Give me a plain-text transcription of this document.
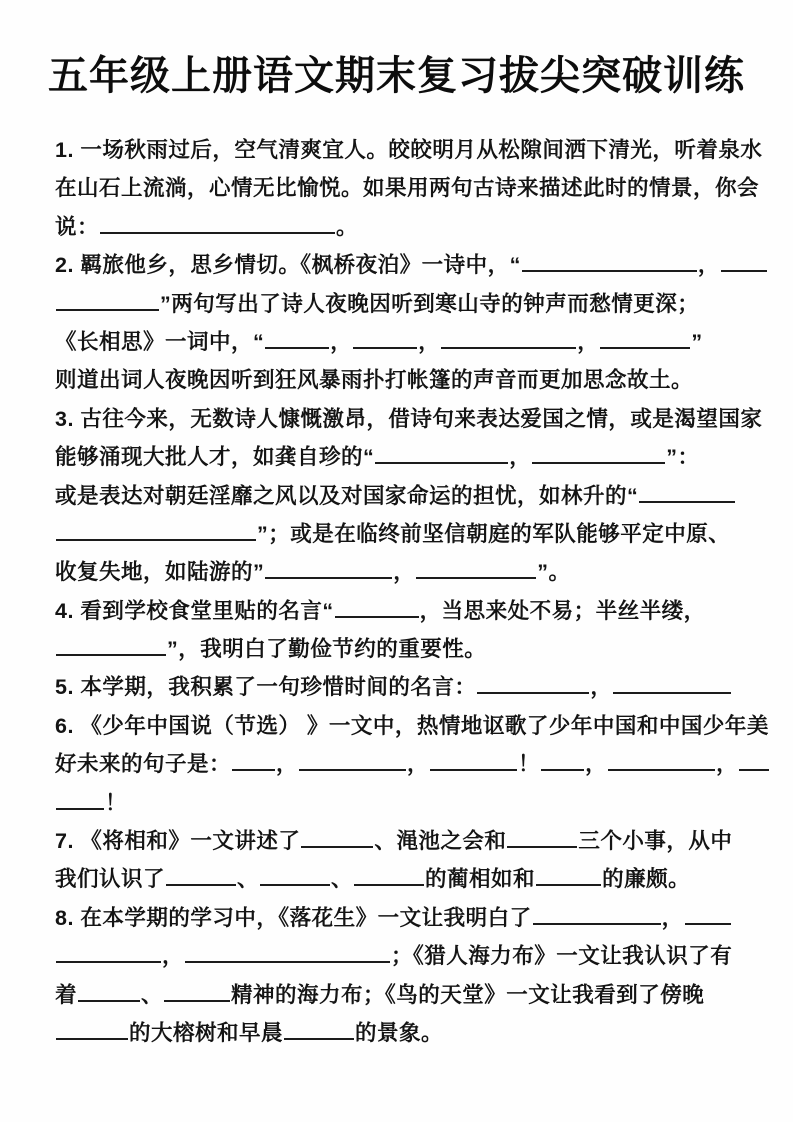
五年级上册语文期末复习拔尖突破训练
1. 一场秋雨过后，空气清爽宜人。皎皎明月从松隙间洒下清光，听着泉水
在山石上流淌，心情无比愉悦。如果用两句古诗来描述此时的情景，你会
说：	。
2. 羁旅他乡，思乡情切。《枫桥夜泊》一诗中，“	，
”两句写出了诗人夜晚因听到寒山寺的钟声而愁情更深；
《长相思》一词中，“	，	，	，	”
则道出词人夜晚因听到狂风暴雨扑打帐篷的声音而更加思念故土。
3. 古往今来，无数诗人慷慨激昂，借诗句来表达爱国之情，或是渴望国家
能够涌现大批人才，如龚自珍的“	，	”：
或是表达对朝廷淫靡之风以及对国家命运的担忧，如林升的“
”；或是在临终前坚信朝庭的军队能够平定中原、
收复失地，如陆游的”	，	”。
4. 看到学校食堂里贴的名言“	，当思来处不易；半丝半缕，
”，我明白了勤俭节约的重要性。
5. 本学期，我积累了一句珍惜时间的名言：	，
6. 《少年中国说（节选） 》一文中，热情地讴歌了少年中国和中国少年美
好未来的句子是： ，	，	！ ，	，
！
7. 《将相和》一文讲述了	、渑池之会和	三个小事，从中
我们认识了	、	、	的蔺相如和	的廉颇。
8. 在本学期的学习中，《落花生》一文让我明白了	，
，	；《猎人海力布》一文让我认识了有
着	、	精神的海力布；《鸟的天堂》一文让我看到了傍晚
的大榕树和早晨	的景象。
